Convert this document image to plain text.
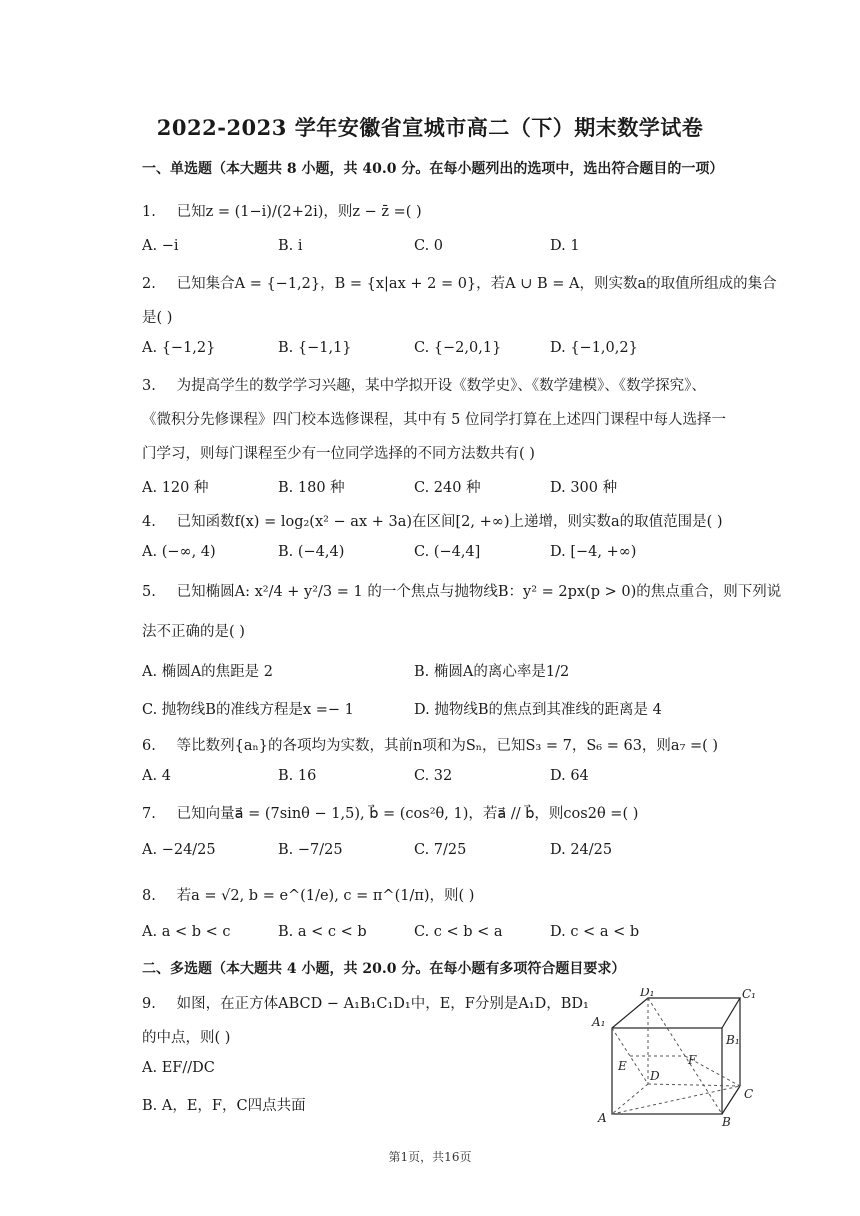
2022-2023 学年安徽省宣城市高二（下）期末数学试卷
一、单选题（本大题共 8 小题，共 40.0 分。在每小题列出的选项中，选出符合题目的一项）
1. 已知z = (1−i)/(2+2i)，则z − z̄ =( )
A. −i	B. i	C. 0	D. 1
2. 已知集合A = {−1,2}，B = {x|ax + 2 = 0}，若A ∪ B = A，则实数a的取值所组成的集合
是( )
A. {−1,2}	B. {−1,1}	C. {−2,0,1}	D. {−1,0,2}
3. 为提高学生的数学学习兴趣，某中学拟开设《数学史》、《数学建模》、《数学探究》、
《微积分先修课程》四门校本选修课程，其中有 5 位同学打算在上述四门课程中每人选择一
门学习，则每门课程至少有一位同学选择的不同方法数共有( )
A. 120 种	B. 180 种	C. 240 种	D. 300 种
4. 已知函数f(x) = log₂(x² − ax + 3a)在区间[2, +∞)上递增，则实数a的取值范围是( )
A. (−∞, 4)	B. (−4,4)	C. (−4,4]	D. [−4, +∞)
5. 已知椭圆A: x²/4 + y²/3 = 1 的一个焦点与抛物线B：y² = 2px(p > 0)的焦点重合，则下列说
法不正确的是( )
A. 椭圆A的焦距是 2	B. 椭圆A的离心率是1/2
C. 抛物线B的准线方程是x =− 1	D. 抛物线B的焦点到其准线的距离是 4
6. 等比数列{aₙ}的各项均为实数，其前n项和为Sₙ，已知S₃ = 7，S₆ = 63，则a₇ =( )
A. 4	B. 16	C. 32	D. 64
7. 已知向量a⃗ = (7sinθ − 1,5), b⃗ = (cos²θ, 1)，若a⃗ // b⃗，则cos2θ =( )
A. −24/25	B. −7/25	C. 7/25	D. 24/25
8. 若a = √2, b = e^(1/e), c = π^(1/π)，则( )
A. a < b < c	B. a < c < b	C. c < b < a	D. c < a < b
二、多选题（本大题共 4 小题，共 20.0 分。在每小题有多项符合题目要求）
9. 如图，在正方体ABCD − A₁B₁C₁D₁中，E，F分别是A₁D，BD₁
的中点，则( )
A. EF//DC
B. A，E，F，C四点共面
A	B
C
D
E	F
A₁
B₁
C₁
D₁
第1页，共16页
